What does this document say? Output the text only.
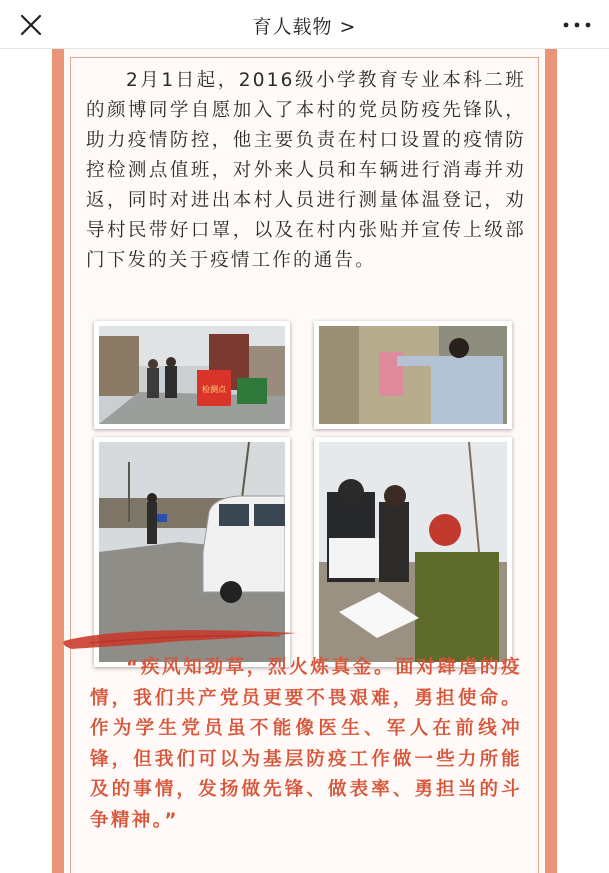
育人载物 >

2月1日起，2016级小学教育专业本科二班的颜博同学自愿加入了本村的党员防疫先锋队，助力疫情防控，他主要负责在村口设置的疫情防控检测点值班，对外来人员和车辆进行消毒并劝返，同时对进出本村人员进行测量体温登记，劝导村民带好口罩，以及在村内张贴并宣传上级部门下发的关于疫情工作的通告。

检测点

“疾风知劲草，烈火炼真金。面对肆虐的疫情，我们共产党员更要不畏艰难，勇担使命。作为学生党员虽不能像医生、军人在前线冲锋，但我们可以为基层防疫工作做一些力所能及的事情，发扬做先锋、做表率、勇担当的斗争精神。”
